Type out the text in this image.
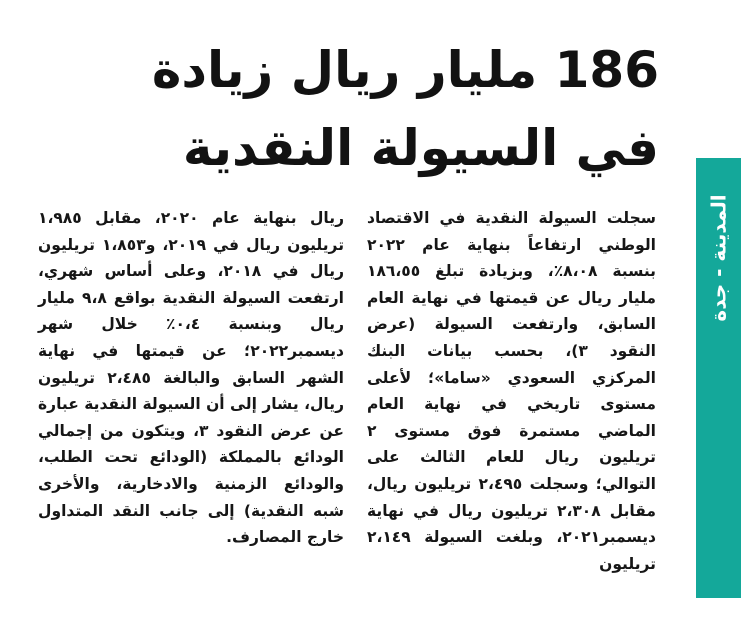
186 مليار ريال زيادة
في السيولة النقدية
المدينة - جدة

سجلت السيولة النقدية في الاقتصاد الوطني ارتفاعاً بنهاية عام ٢٠٢٢ بنسبة ٨،٠٨٪، وبزيادة تبلغ ١٨٦،٥٥ مليار ريال عن قيمتها في نهاية العام السابق، وارتفعت السيولة (عرض النقود ٣)، بحسب بيانات البنك المركزي السعودي «ساما»؛ لأعلى مستوى تاريخي في نهاية العام الماضي مستمرة فوق مستوى ٢ تريليون ريال للعام الثالث على التوالي؛ وسجلت ٢،٤٩٥ تريليون ريال، مقابل ٢،٣٠٨ تريليون ريال في نهاية ديسمبر٢٠٢١، وبلغت السيولة ٢،١٤٩ تريليون

ريال بنهاية عام ٢٠٢٠، مقابل ١،٩٨٥ تريليون ريال في ٢٠١٩، و١،٨٥٣ تريليون ريال في ٢٠١٨، وعلى أساس شهري، ارتفعت السيولة النقدية بواقع ٩،٨ مليار ريال وبنسبة ٠،٤٪ خلال شهر ديسمبر٢٠٢٢؛ عن قيمتها في نهاية الشهر السابق والبالغة ٢،٤٨٥ تريليون ريال، يشار إلى أن السيولة النقدية عبارة عن عرض النقود ٣، ويتكون من إجمالي الودائع بالمملكة (الودائع تحت الطلب، والودائع الزمنية والادخارية، والأخرى شبه النقدية) إلى جانب النقد المتداول خارج المصارف.
